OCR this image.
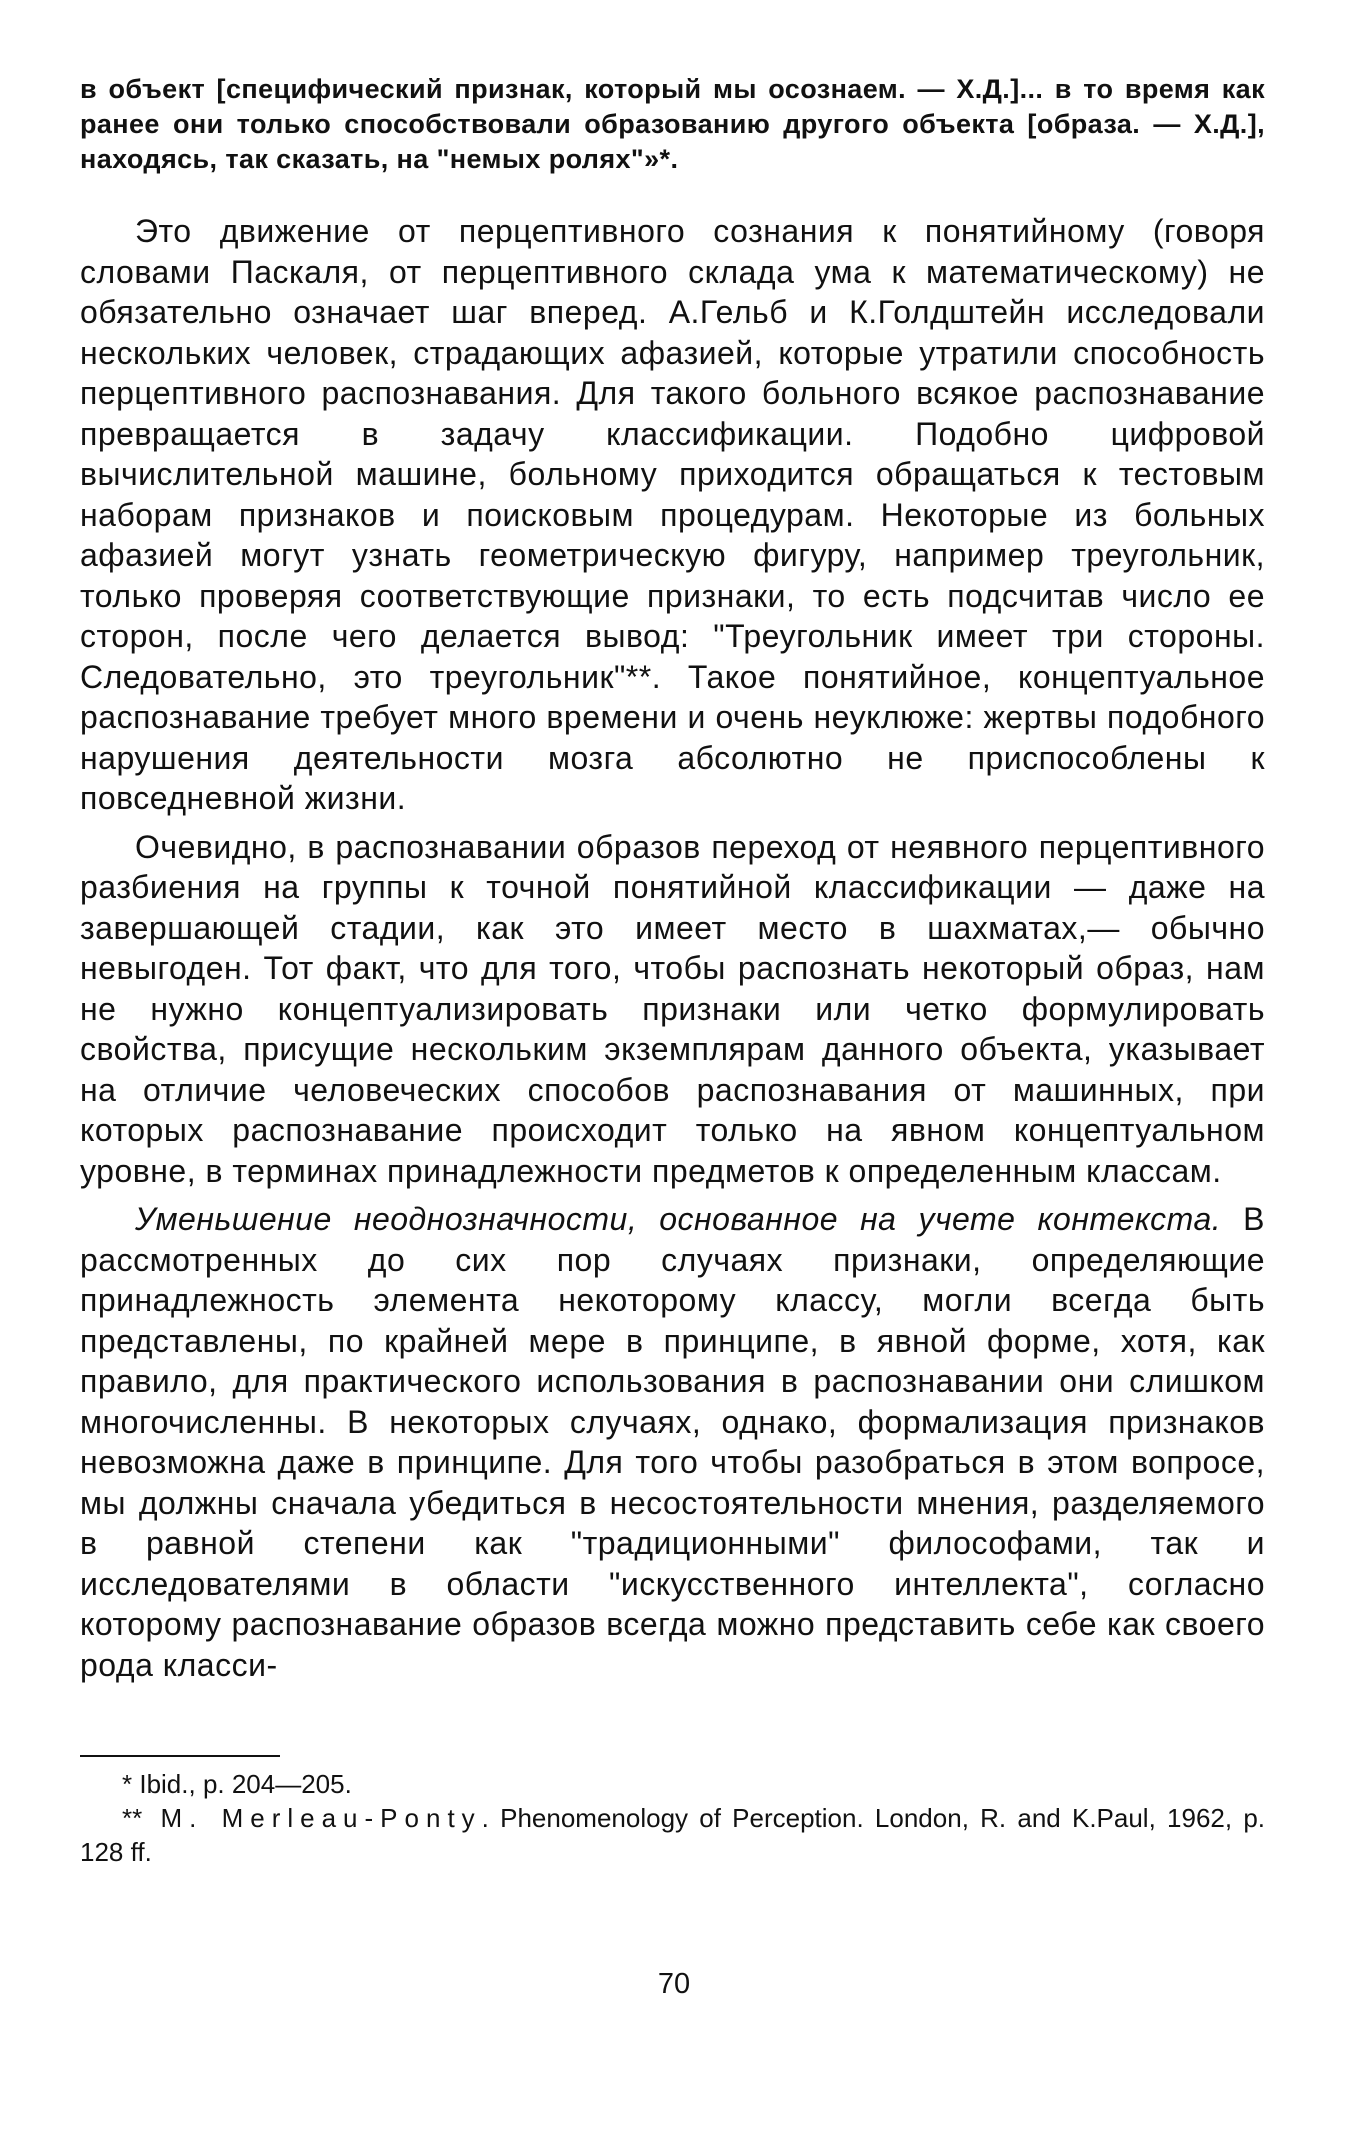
в объект [специфический признак, который мы осознаем. — X.Д.]... в то время как ранее они только способствовали образованию другого объекта [образа. — X.Д.], находясь, так сказать, на "немых ролях"»*.

Это движение от перцептивного сознания к понятийному (говоря словами Паскаля, от перцептивного склада ума к математическому) не обязательно означает шаг вперед. А.Гельб и К.Голдштейн исследовали нескольких человек, страдающих афазией, которые утратили способность перцептивного распознавания. Для такого больного всякое распознавание превращается в задачу классификации. Подобно цифровой вычислительной машине, больному приходится обращаться к тестовым наборам признаков и поисковым процедурам. Некоторые из больных афазией могут узнать геометрическую фигуру, например треугольник, только проверяя соответствующие признаки, то есть подсчитав число ее сторон, после чего делается вывод: "Треугольник имеет три стороны. Следовательно, это треугольник"**. Такое понятийное, концептуальное распознавание требует много времени и очень неуклюже: жертвы подобного нарушения деятельности мозга абсолютно не приспособлены к повседневной жизни.

Очевидно, в распознавании образов переход от неявного перцептивного разбиения на группы к точной понятийной классификации — даже на завершающей стадии, как это имеет место в шахматах,— обычно невыгоден. Тот факт, что для того, чтобы распознать некоторый образ, нам не нужно концептуализировать признаки или четко формулировать свойства, присущие нескольким экземплярам данного объекта, указывает на отличие человеческих способов распознавания от машинных, при которых распознавание происходит только на явном концептуальном уровне, в терминах принадлежности предметов к определенным классам.

Уменьшение неоднозначности, основанное на учете контекста. В рассмотренных до сих пор случаях признаки, определяющие принадлежность элемента некоторому классу, могли всегда быть представлены, по крайней мере в принципе, в явной форме, хотя, как правило, для практического использования в распознавании они слишком многочисленны. В некоторых случаях, однако, формализация признаков невозможна даже в принципе. Для того чтобы разобраться в этом вопросе, мы должны сначала убедиться в несостоятельности мнения, разделяемого в равной степени как "традиционными" философами, так и исследователями в области "искусственного интеллекта", согласно которому распознавание образов всегда можно представить себе как своего рода класси-

* Ibid., p. 204—205.

** M. Merleau-Ponty. Phenomenology of Perception. London, R. and K.Paul, 1962, p. 128 ff.

70
